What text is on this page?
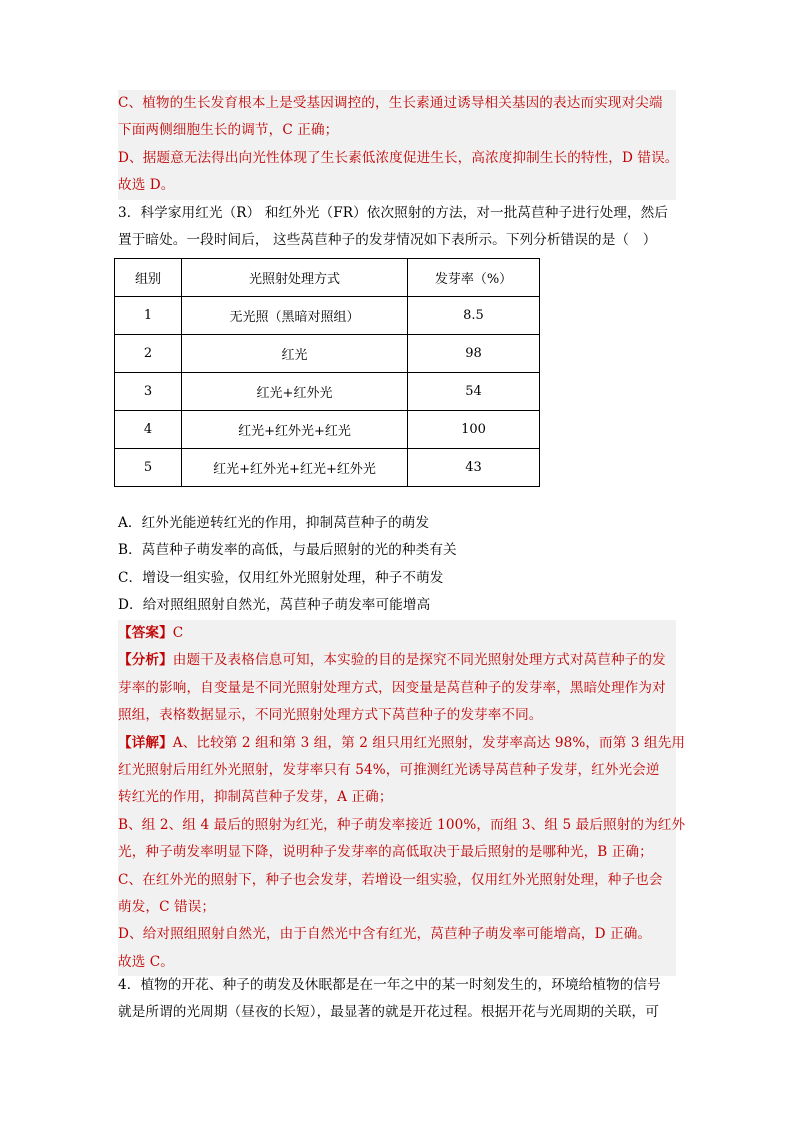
C、植物的生长发育根本上是受基因调控的，生长素通过诱导相关基因的表达而实现对尖端
下面两侧细胞生长的调节，C 正确；
D、据题意无法得出向光性体现了生长素低浓度促进生长，高浓度抑制生长的特性，D 错误。
故选 D。
3．科学家用红光（R） 和红外光（FR）依次照射的方法，对一批莴苣种子进行处理，然后
置于暗处。一段时间后， 这些莴苣种子的发芽情况如下表所示。下列分析错误的是（　）
组别	光照射处理方式	发芽率（%）
1	无光照（黑暗对照组）	8.5
2	红光	98
3	红光+红外光	54
4	红光+红外光+红光	100
5	红光+红外光+红光+红外光	43
A．红外光能逆转红光的作用，抑制莴苣种子的萌发
B．莴苣种子萌发率的高低，与最后照射的光的种类有关
C．增设一组实验，仅用红外光照射处理，种子不萌发
D．给对照组照射自然光，莴苣种子萌发率可能增高
【答案】C
【分析】由题干及表格信息可知，本实验的目的是探究不同光照射处理方式对莴苣种子的发
芽率的影响，自变量是不同光照射处理方式，因变量是莴苣种子的发芽率，黑暗处理作为对
照组，表格数据显示，不同光照射处理方式下莴苣种子的发芽率不同。
【详解】A、比较第 2 组和第 3 组，第 2 组只用红光照射，发芽率高达 98%，而第 3 组先用
红光照射后用红外光照射，发芽率只有 54%，可推测红光诱导莴苣种子发芽，红外光会逆
转红光的作用，抑制莴苣种子发芽，A 正确；
B、组 2、组 4 最后的照射为红光，种子萌发率接近 100%，而组 3、组 5 最后照射的为红外
光，种子萌发率明显下降，说明种子发芽率的高低取决于最后照射的是哪种光，B 正确；
C、在红外光的照射下，种子也会发芽，若增设一组实验，仅用红外光照射处理，种子也会
萌发，C 错误；
D、给对照组照射自然光，由于自然光中含有红光，莴苣种子萌发率可能增高，D 正确。
故选 C。
4．植物的开花、种子的萌发及休眠都是在一年之中的某一时刻发生的，环境给植物的信号
就是所谓的光周期（昼夜的长短），最显著的就是开花过程。根据开花与光周期的关联，可
